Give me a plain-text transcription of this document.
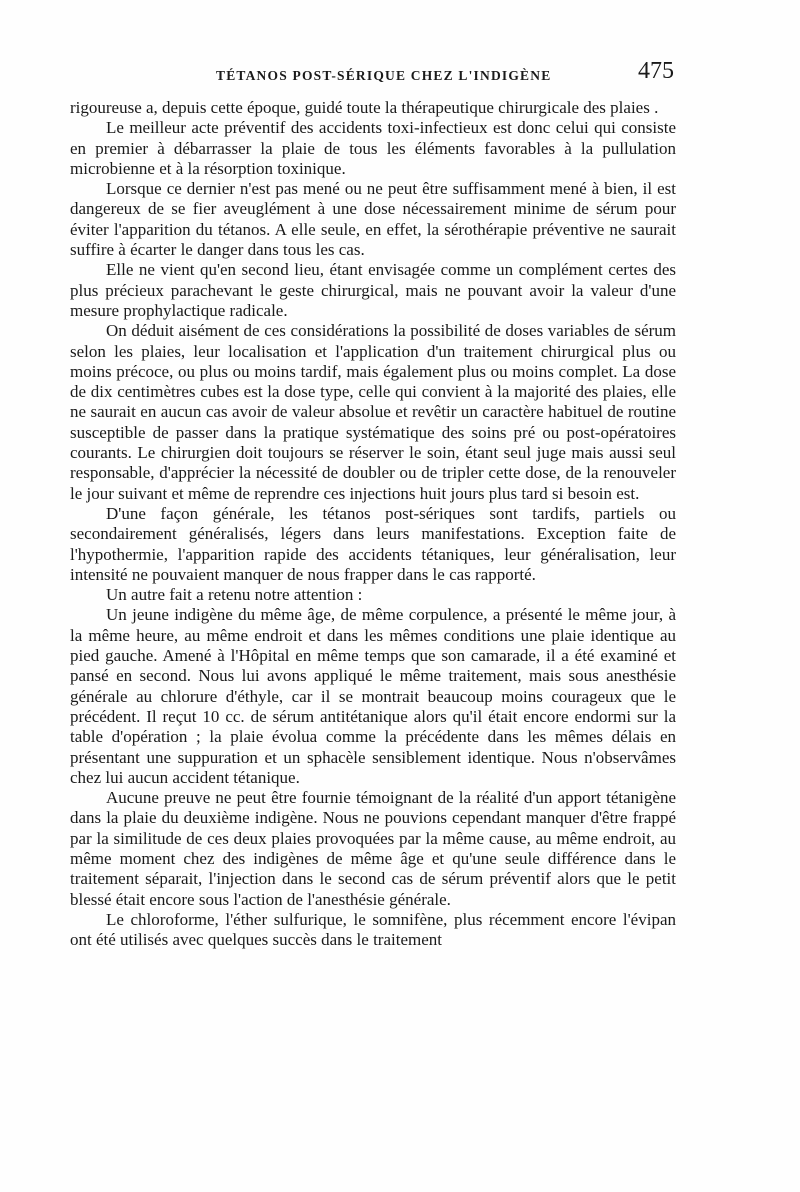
TÉTANOS POST-SÉRIQUE CHEZ L'INDIGÈNE	475

rigoureuse a, depuis cette époque, guidé toute la thérapeutique chirurgicale des plaies .

Le meilleur acte préventif des accidents toxi-infectieux est donc celui qui consiste en premier à débarrasser la plaie de tous les éléments favorables à la pullulation microbienne et à la résorption toxinique.

Lorsque ce dernier n'est pas mené ou ne peut être suffisamment mené à bien, il est dangereux de se fier aveuglément à une dose nécessairement minime de sérum pour éviter l'apparition du tétanos. A elle seule, en effet, la sérothérapie préventive ne saurait suffire à écarter le danger dans tous les cas.

Elle ne vient qu'en second lieu, étant envisagée comme un complément certes des plus précieux parachevant le geste chirurgical, mais ne pouvant avoir la valeur d'une mesure prophylactique radicale.

On déduit aisément de ces considérations la possibilité de doses variables de sérum selon les plaies, leur localisation et l'application d'un traitement chirurgical plus ou moins précoce, ou plus ou moins tardif, mais également plus ou moins complet. La dose de dix centimètres cubes est la dose type, celle qui convient à la majorité des plaies, elle ne saurait en aucun cas avoir de valeur absolue et revêtir un caractère habituel de routine susceptible de passer dans la pratique systématique des soins pré ou post-opératoires courants. Le chirurgien doit toujours se réserver le soin, étant seul juge mais aussi seul responsable, d'apprécier la nécessité de doubler ou de tripler cette dose, de la renouveler le jour suivant et même de reprendre ces injections huit jours plus tard si besoin est.

D'une façon générale, les tétanos post-sériques sont tardifs, partiels ou secondairement généralisés, légers dans leurs manifestations. Exception faite de l'hypothermie, l'apparition rapide des accidents tétaniques, leur généralisation, leur intensité ne pouvaient manquer de nous frapper dans le cas rapporté.

Un autre fait a retenu notre attention :

Un jeune indigène du même âge, de même corpulence, a présenté le même jour, à la même heure, au même endroit et dans les mêmes conditions une plaie identique au pied gauche. Amené à l'Hôpital en même temps que son camarade, il a été examiné et pansé en second. Nous lui avons appliqué le même traitement, mais sous anesthésie générale au chlorure d'éthyle, car il se montrait beaucoup moins courageux que le précédent. Il reçut 10 cc. de sérum antitétanique alors qu'il était encore endormi sur la table d'opération ; la plaie évolua comme la précédente dans les mêmes délais en présentant une suppuration et un sphacèle sensiblement identique. Nous n'observâmes chez lui aucun accident tétanique.

Aucune preuve ne peut être fournie témoignant de la réalité d'un apport tétanigène dans la plaie du deuxième indigène. Nous ne pouvions cependant manquer d'être frappé par la similitude de ces deux plaies provoquées par la même cause, au même endroit, au même moment chez des indigènes de même âge et qu'une seule différence dans le traitement séparait, l'injection dans le second cas de sérum préventif alors que le petit blessé était encore sous l'action de l'anesthésie générale.

Le chloroforme, l'éther sulfurique, le somnifène, plus récemment encore l'évipan ont été utilisés avec quelques succès dans le traitement
